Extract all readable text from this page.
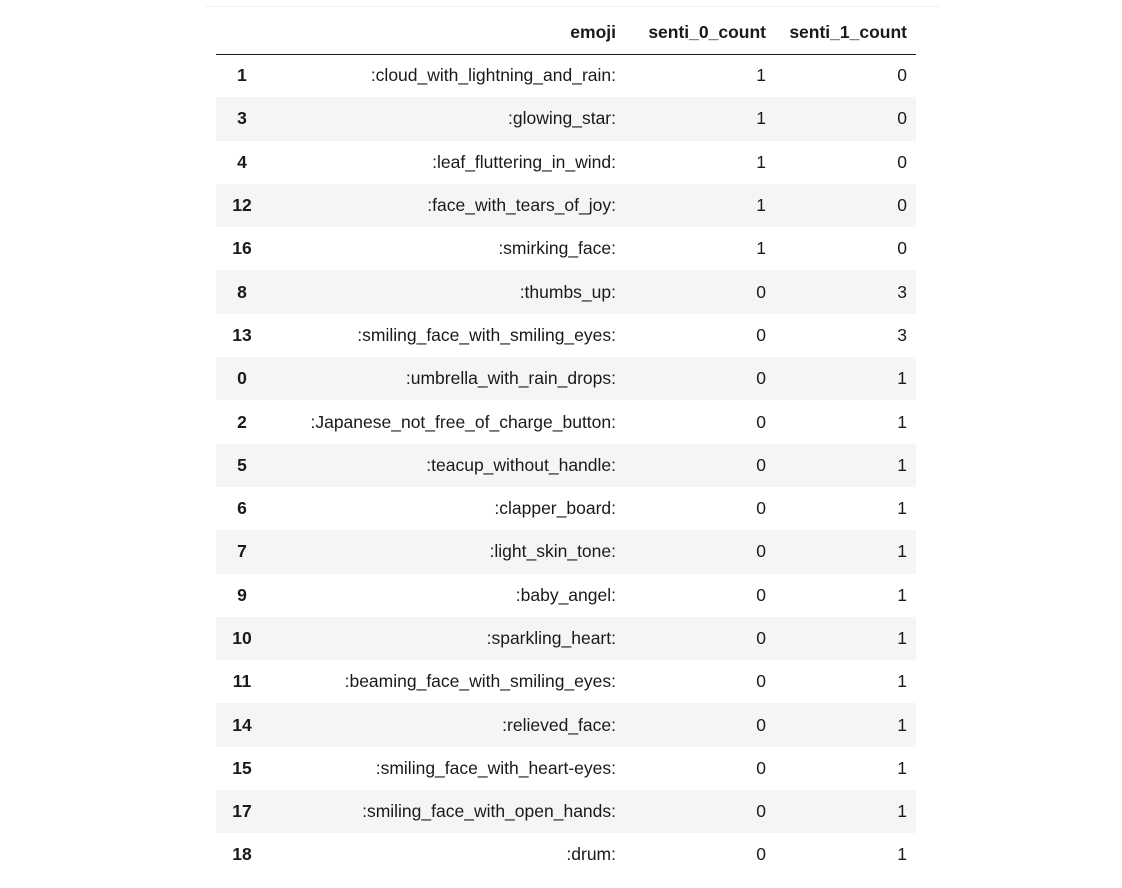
	emoji	senti_0_count	senti_1_count
1	:cloud_with_lightning_and_rain:	1	0
3	:glowing_star:	1	0
4	:leaf_fluttering_in_wind:	1	0
12	:face_with_tears_of_joy:	1	0
16	:smirking_face:	1	0
8	:thumbs_up:	0	3
13	:smiling_face_with_smiling_eyes:	0	3
0	:umbrella_with_rain_drops:	0	1
2	:Japanese_not_free_of_charge_button:	0	1
5	:teacup_without_handle:	0	1
6	:clapper_board:	0	1
7	:light_skin_tone:	0	1
9	:baby_angel:	0	1
10	:sparkling_heart:	0	1
11	:beaming_face_with_smiling_eyes:	0	1
14	:relieved_face:	0	1
15	:smiling_face_with_heart-eyes:	0	1
17	:smiling_face_with_open_hands:	0	1
18	:drum:	0	1
